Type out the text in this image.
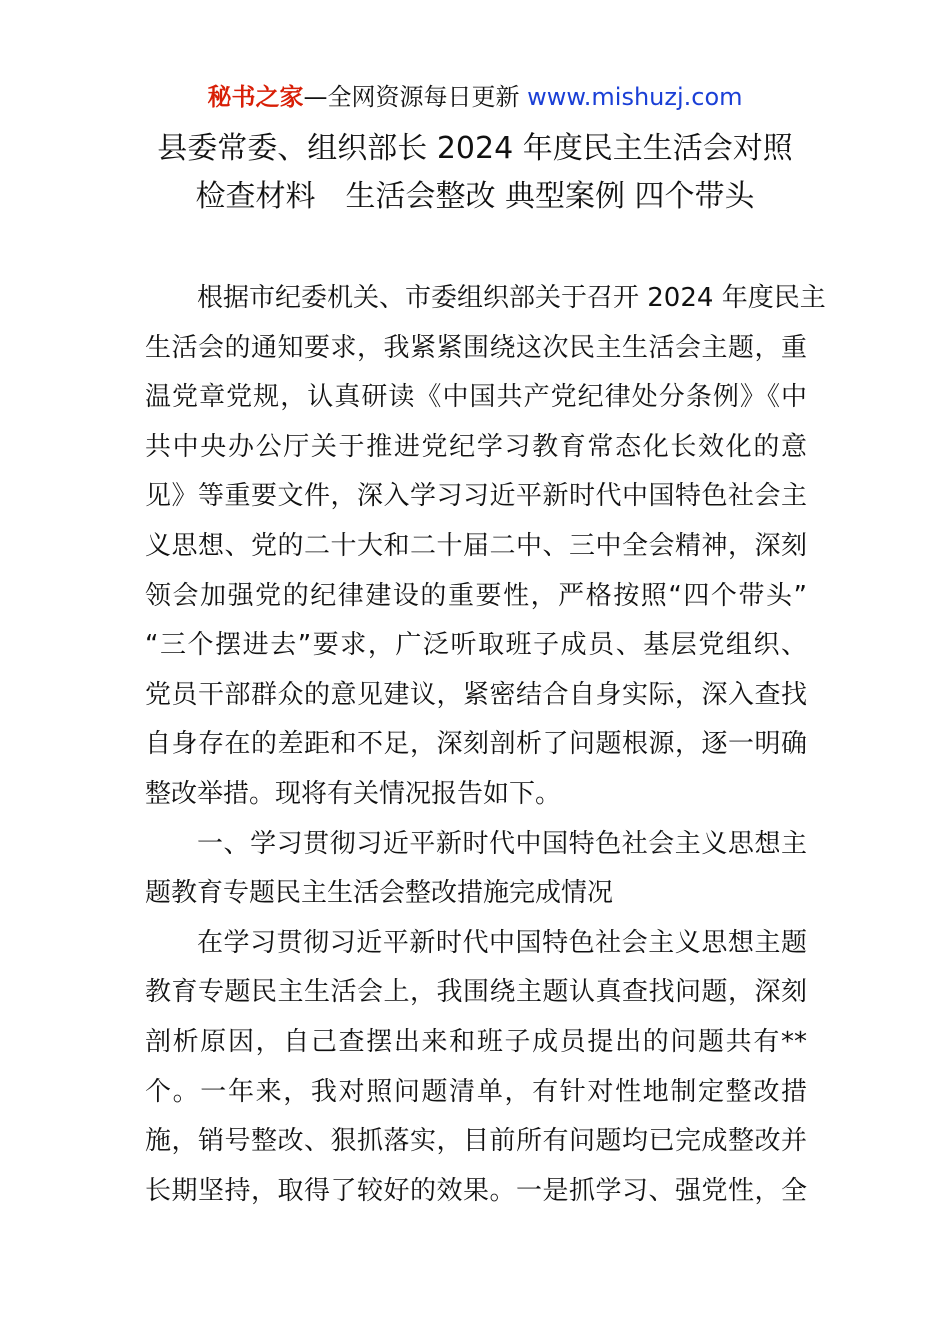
秘书之家—全网资源每日更新 www.mishuzj.com
县委常委、组织部长 2024 年度民主生活会对照
检查材料　生活会整改 典型案例 四个带头
根据市纪委机关、市委组织部关于召开 2024 年度民主
生活会的通知要求，我紧紧围绕这次民主生活会主题，重
温党章党规，认真研读《中国共产党纪律处分条例》《中
共中央办公厅关于推进党纪学习教育常态化长效化的意
见》等重要文件，深入学习习近平新时代中国特色社会主
义思想、党的二十大和二十届二中、三中全会精神，深刻
领会加强党的纪律建设的重要性，严格按照“四个带头”
“三个摆进去”要求，广泛听取班子成员、基层党组织、
党员干部群众的意见建议，紧密结合自身实际，深入查找
自身存在的差距和不足，深刻剖析了问题根源，逐一明确
整改举措。现将有关情况报告如下。
一、学习贯彻习近平新时代中国特色社会主义思想主
题教育专题民主生活会整改措施完成情况
在学习贯彻习近平新时代中国特色社会主义思想主题
教育专题民主生活会上，我围绕主题认真查找问题，深刻
剖析原因，自己查摆出来和班子成员提出的问题共有**
个。一年来，我对照问题清单，有针对性地制定整改措
施，销号整改、狠抓落实，目前所有问题均已完成整改并
长期坚持，取得了较好的效果。一是抓学习、强党性，全
